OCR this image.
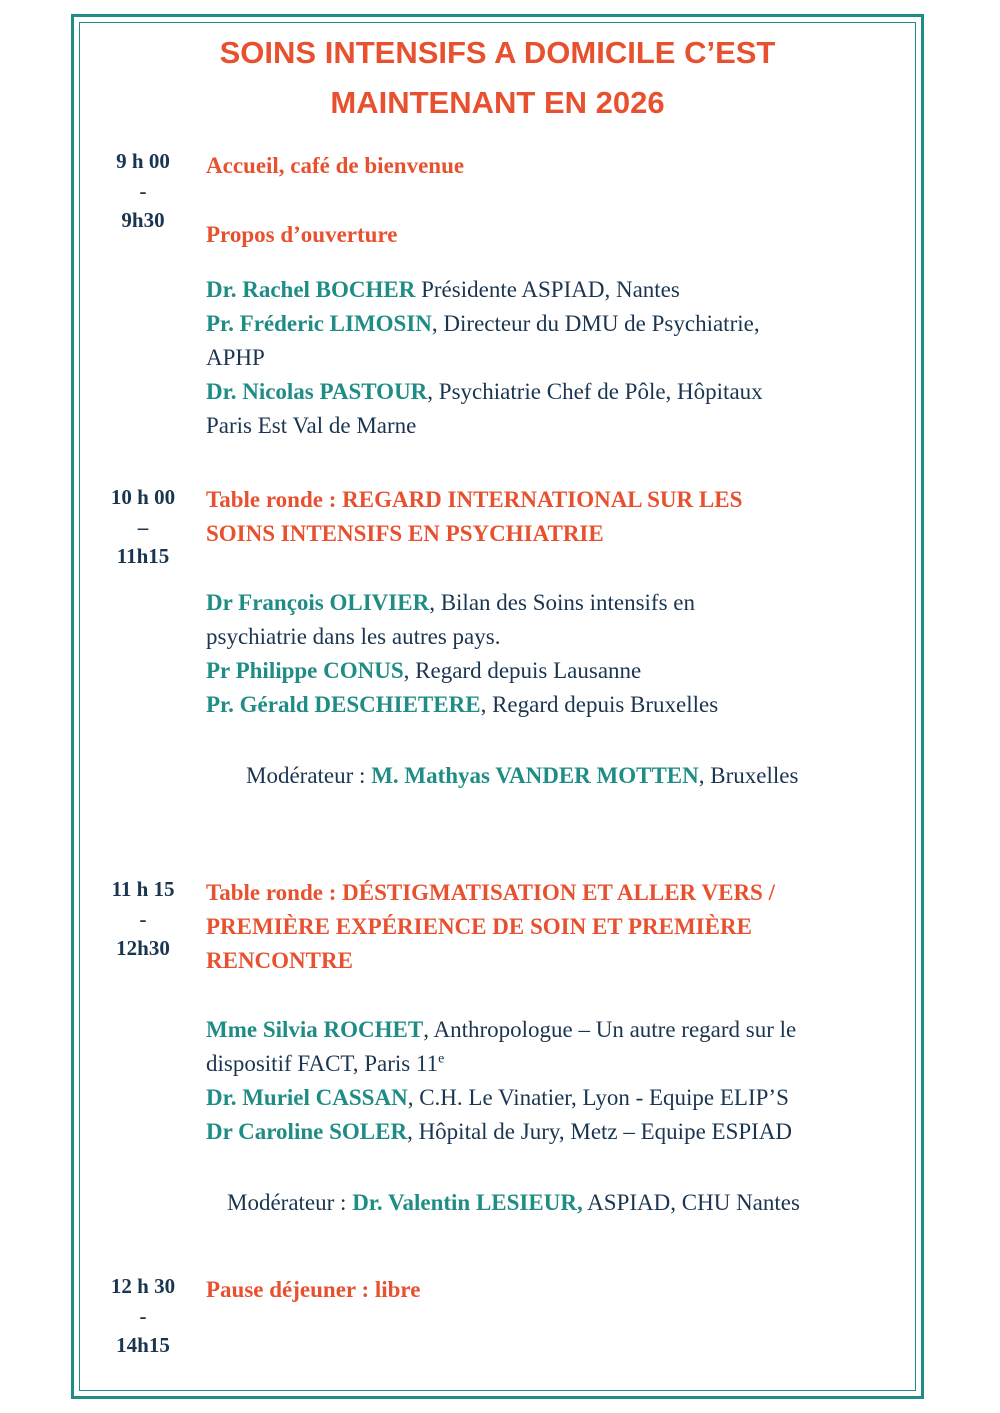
SOINS INTENSIFS A DOMICILE C’EST
MAINTENANT EN 2026
9 h 00
-
9h30
Accueil, café de bienvenue
Propos d’ouverture
Dr. Rachel BOCHER Présidente ASPIAD, Nantes
Pr. Fréderic LIMOSIN, Directeur du DMU de Psychiatrie,
APHP
Dr. Nicolas PASTOUR, Psychiatrie Chef de Pôle, Hôpitaux
Paris Est Val de Marne
10 h 00
–
11h15
Table ronde : REGARD INTERNATIONAL SUR LES
SOINS INTENSIFS EN PSYCHIATRIE
Dr François OLIVIER, Bilan des Soins intensifs en
psychiatrie dans les autres pays.
Pr Philippe CONUS, Regard depuis Lausanne
Pr. Gérald DESCHIETERE, Regard depuis Bruxelles
Modérateur : M. Mathyas VANDER MOTTEN, Bruxelles
11 h 15
-
12h30
Table ronde : DÉSTIGMATISATION ET ALLER VERS /
PREMIÈRE EXPÉRIENCE DE SOIN ET PREMIÈRE
RENCONTRE
Mme Silvia ROCHET, Anthropologue – Un autre regard sur le
dispositif FACT, Paris 11e
Dr. Muriel CASSAN, C.H. Le Vinatier, Lyon - Equipe ELIP’S
Dr Caroline SOLER, Hôpital de Jury, Metz – Equipe ESPIAD
Modérateur : Dr. Valentin LESIEUR, ASPIAD, CHU Nantes
12 h 30
-
14h15
Pause déjeuner : libre
